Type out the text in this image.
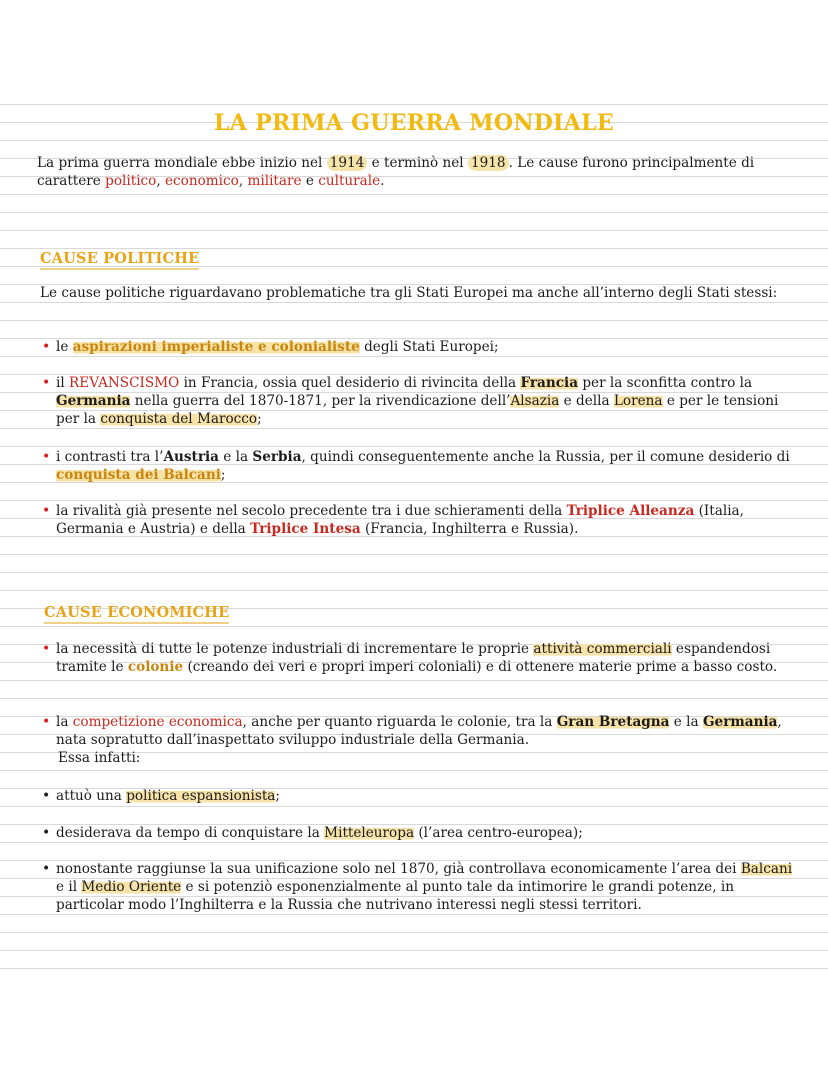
LA PRIMA GUERRA MONDIALE

La prima guerra mondiale ebbe inizio nel 1914 e terminò nel 1918 . Le cause furono principalmente di carattere politico, economico, militare e culturale.

CAUSE POLITICHE

Le cause politiche riguardavano problematiche tra gli Stati Europei ma anche all’interno degli Stati stessi:

• le aspirazioni imperialiste e colonialiste degli Stati Europei;
• il REVANSCISMO in Francia, ossia quel desiderio di rivincita della Francia per la sconfitta contro la Germania nella guerra del 1870-1871, per la rivendicazione dell’Alsazia e della Lorena e per le tensioni per la conquista del Marocco;
• i contrasti tra l’Austria e la Serbia, quindi conseguentemente anche la Russia, per il comune desiderio di conquista dei Balcani;
• la rivalità già presente nel secolo precedente tra i due schieramenti della Triplice Alleanza (Italia, Germania e Austria) e della Triplice Intesa (Francia, Inghilterra e Russia).
CAUSE ECONOMICHE
• la necessità di tutte le potenze industriali di incrementare le proprie attività commerciali espandendosi tramite le colonie (creando dei veri e propri imperi coloniali) e di ottenere materie prime a basso costo.
• la competizione economica, anche per quanto riguarda le colonie, tra la Gran Bretagna e la Germania, nata sopratutto dall’inaspettato sviluppo industriale della Germania.
Essa infatti:
• attuò una politica espansionista;
• desiderava da tempo di conquistare la Mitteleuropa (l’area centro-europea);
• nonostante raggiunse la sua unificazione solo nel 1870, già controllava economicamente l’area dei Balcani e il Medio Oriente e si potenziò esponenzialmente al punto tale da intimorire le grandi potenze, in particolar modo l’Inghilterra e la Russia che nutrivano interessi negli stessi territori.
